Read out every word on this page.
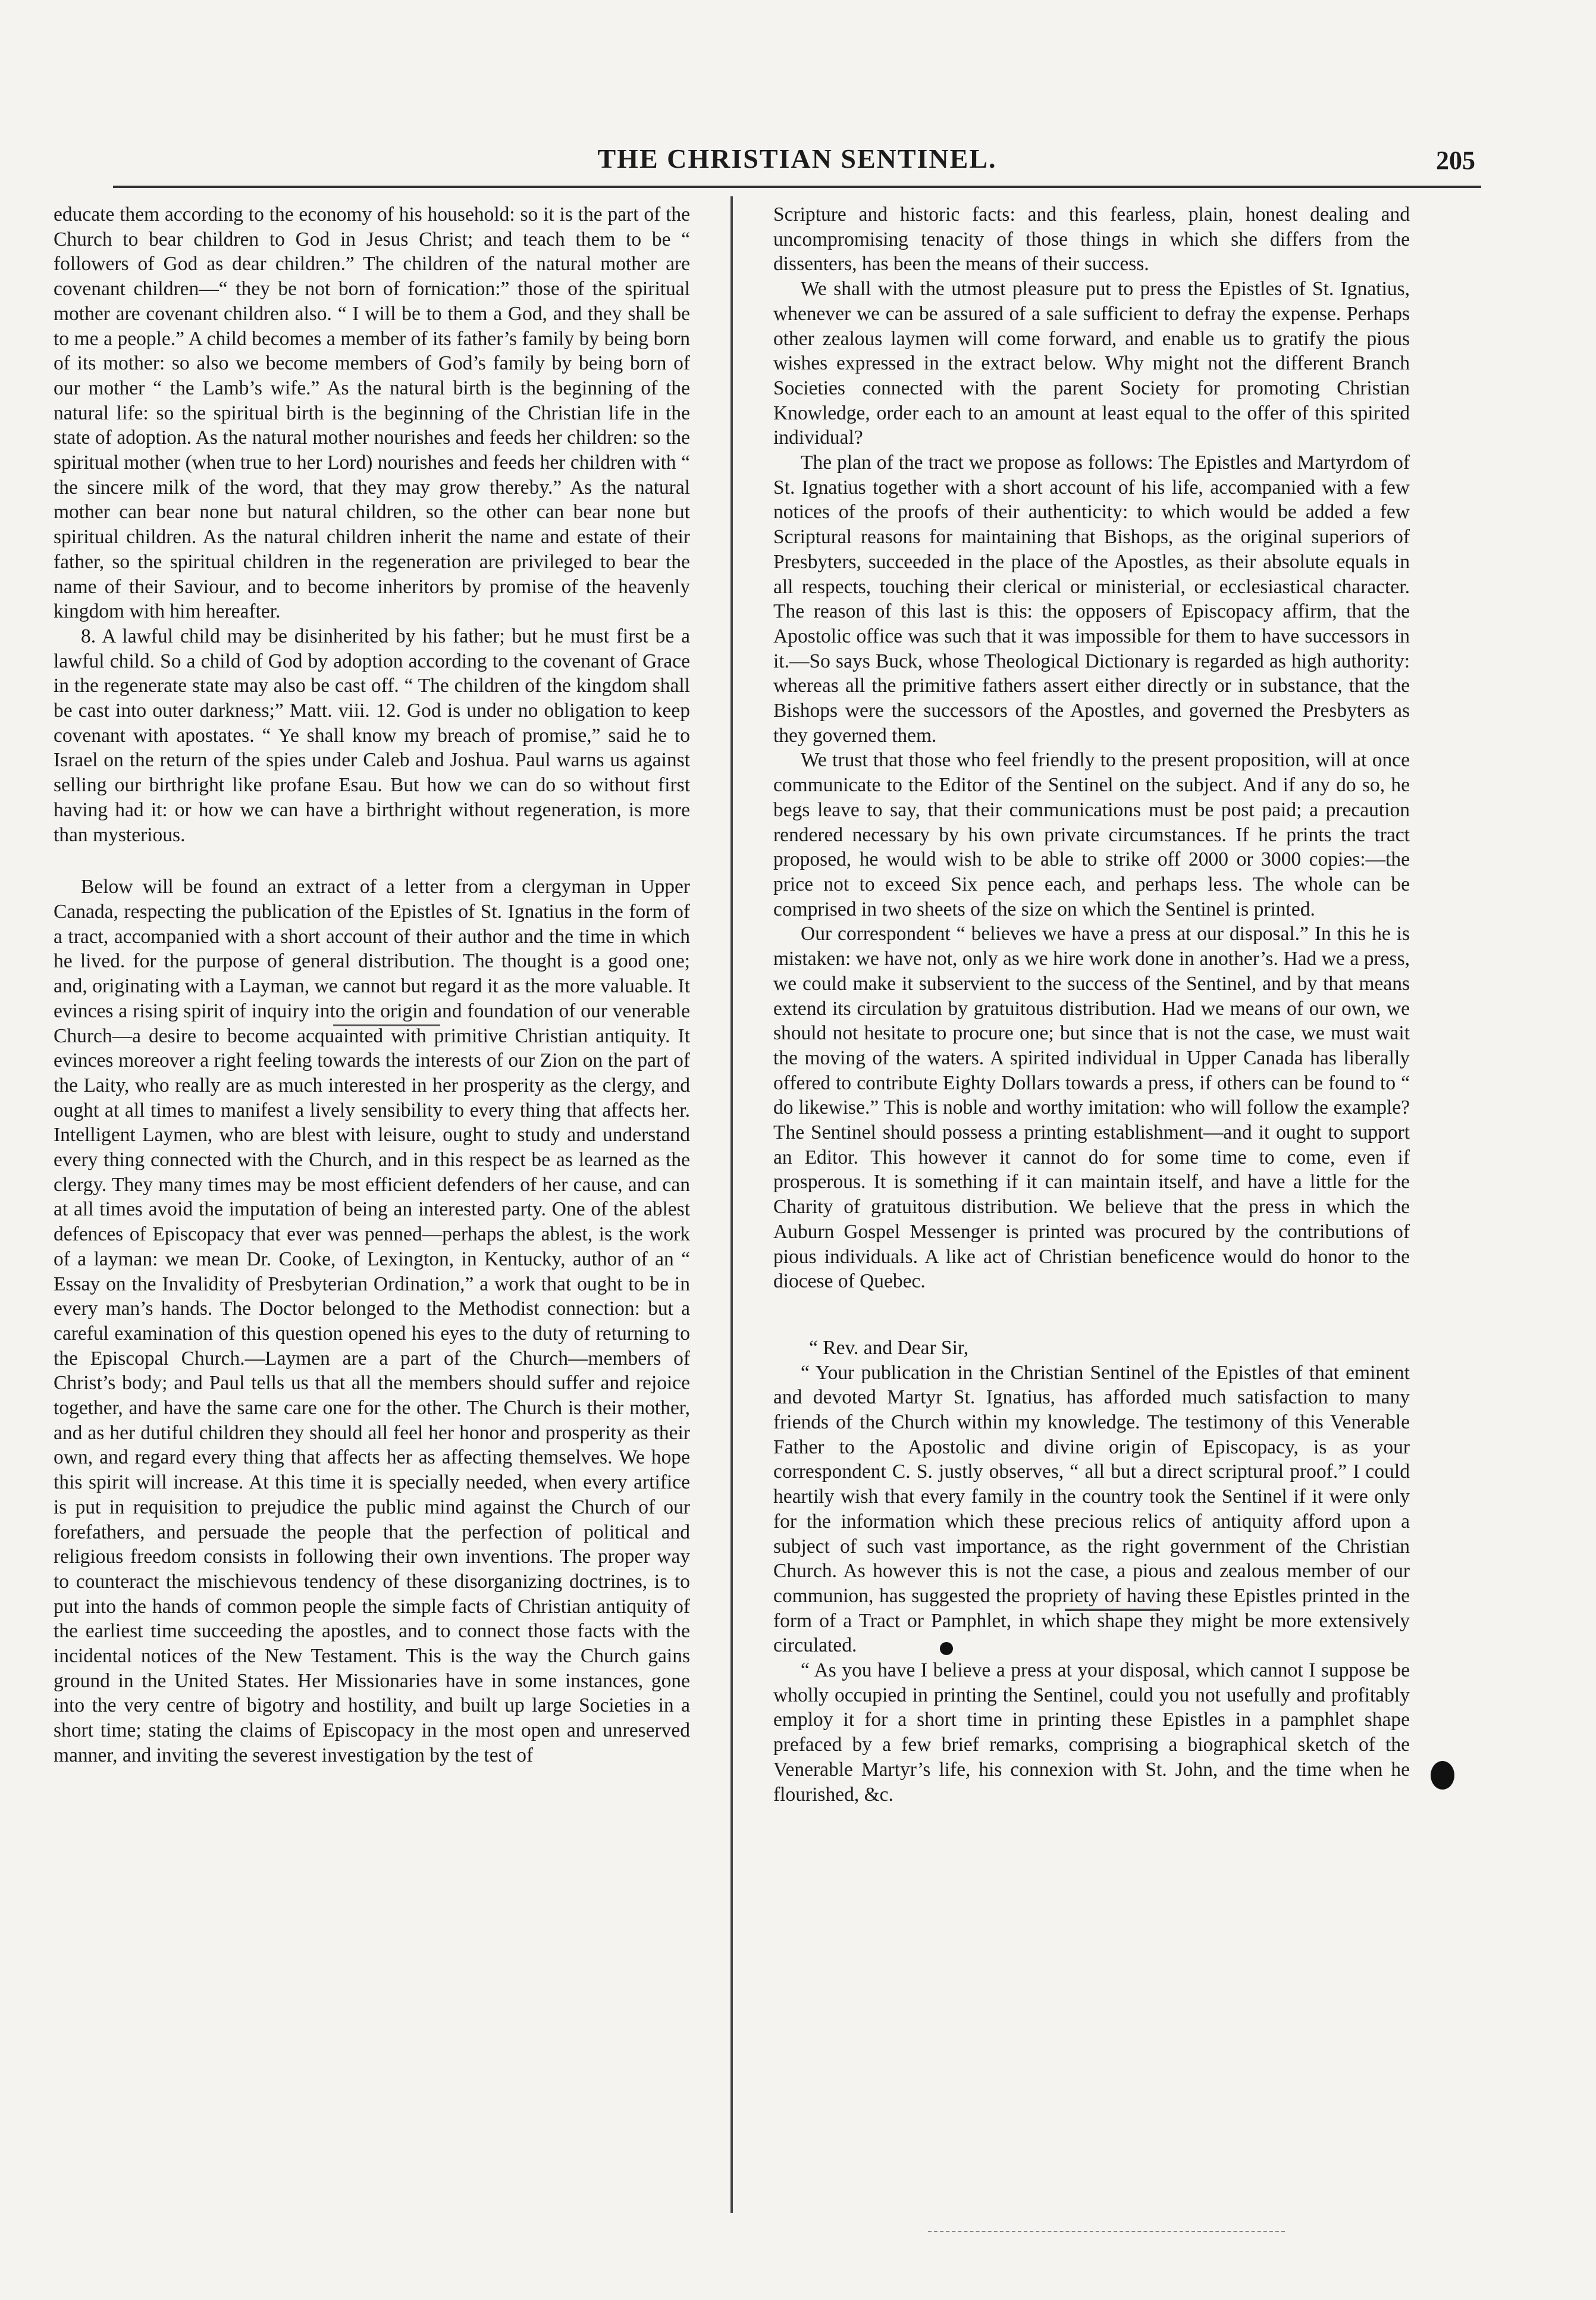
THE CHRISTIAN SENTINEL.	205

educate them according to the economy of his household: so it is the part of the Church to bear children to God in Jesus Christ; and teach them to be “ followers of God as dear children.” The children of the natural mother are covenant children—“ they be not born of fornication:” those of the spiritual mother are covenant children also. “ I will be to them a God, and they shall be to me a people.” A child becomes a member of its father’s family by being born of its mother: so also we become members of God’s family by being born of our mother “ the Lamb’s wife.” As the natural birth is the beginning of the natural life: so the spiritual birth is the beginning of the Christian life in the state of adoption. As the natural mother nourishes and feeds her children: so the spiritual mother (when true to her Lord) nourishes and feeds her children with “ the sincere milk of the word, that they may grow thereby.” As the natural mother can bear none but natural children, so the other can bear none but spiritual children. As the natural children inherit the name and estate of their father, so the spiritual children in the regeneration are privileged to bear the name of their Saviour, and to become inheritors by promise of the heavenly kingdom with him hereafter.

8. A lawful child may be disinherited by his father; but he must first be a lawful child. So a child of God by adoption according to the covenant of Grace in the regenerate state may also be cast off. “ The children of the kingdom shall be cast into outer darkness;” Matt. viii. 12. God is under no obligation to keep covenant with apostates. “ Ye shall know my breach of promise,” said he to Israel on the return of the spies under Caleb and Joshua. Paul warns us against selling our birthright like profane Esau. But how we can do so without first having had it: or how we can have a birthright without regeneration, is more than mysterious.

Below will be found an extract of a letter from a clergyman in Upper Canada, respecting the publication of the Epistles of St. Ignatius in the form of a tract, accompanied with a short account of their author and the time in which he lived. for the purpose of general distribution. The thought is a good one; and, originating with a Layman, we cannot but regard it as the more valuable. It evinces a rising spirit of inquiry into the origin and foundation of our venerable Church—a desire to become acquainted with primitive Christian antiquity. It evinces moreover a right feeling towards the interests of our Zion on the part of the Laity, who really are as much interested in her prosperity as the clergy, and ought at all times to manifest a lively sensibility to every thing that affects her. Intelligent Laymen, who are blest with leisure, ought to study and understand every thing connected with the Church, and in this respect be as learned as the clergy. They many times may be most efficient defenders of her cause, and can at all times avoid the imputation of being an interested party. One of the ablest defences of Episcopacy that ever was penned—perhaps the ablest, is the work of a layman: we mean Dr. Cooke, of Lexington, in Kentucky, author of an “ Essay on the Invalidity of Presbyterian Ordination,” a work that ought to be in every man’s hands. The Doctor belonged to the Methodist connection: but a careful examination of this question opened his eyes to the duty of returning to the Episcopal Church.—Laymen are a part of the Church—members of Christ’s body; and Paul tells us that all the members should suffer and rejoice together, and have the same care one for the other. The Church is their mother, and as her dutiful children they should all feel her honor and prosperity as their own, and regard every thing that affects her as affecting themselves. We hope this spirit will increase. At this time it is specially needed, when every artifice is put in requisition to prejudice the public mind against the Church of our forefathers, and persuade the people that the perfection of political and religious freedom consists in following their own inventions. The proper way to counteract the mischievous tendency of these disorganizing doctrines, is to put into the hands of common people the simple facts of Christian antiquity of the earliest time succeeding the apostles, and to connect those facts with the incidental notices of the New Testament. This is the way the Church gains ground in the United States. Her Missionaries have in some instances, gone into the very centre of bigotry and hostility, and built up large Societies in a short time; stating the claims of Episcopacy in the most open and unreserved manner, and inviting the severest investigation by the test of

Scripture and historic facts: and this fearless, plain, honest dealing and uncompromising tenacity of those things in which she differs from the dissenters, has been the means of their success.

We shall with the utmost pleasure put to press the Epistles of St. Ignatius, whenever we can be assured of a sale sufficient to defray the expense. Perhaps other zealous laymen will come forward, and enable us to gratify the pious wishes expressed in the extract below. Why might not the different Branch Societies connected with the parent Society for promoting Christian Knowledge, order each to an amount at least equal to the offer of this spirited individual?

The plan of the tract we propose as follows: The Epistles and Martyrdom of St. Ignatius together with a short account of his life, accompanied with a few notices of the proofs of their authenticity: to which would be added a few Scriptural reasons for maintaining that Bishops, as the original superiors of Presbyters, succeeded in the place of the Apostles, as their absolute equals in all respects, touching their clerical or ministerial, or ecclesiastical character. The reason of this last is this: the opposers of Episcopacy affirm, that the Apostolic office was such that it was impossible for them to have successors in it.—So says Buck, whose Theological Dictionary is regarded as high authority: whereas all the primitive fathers assert either directly or in substance, that the Bishops were the successors of the Apostles, and governed the Presbyters as they governed them.

We trust that those who feel friendly to the present proposition, will at once communicate to the Editor of the Sentinel on the subject. And if any do so, he begs leave to say, that their communications must be post paid; a precaution rendered necessary by his own private circumstances. If he prints the tract proposed, he would wish to be able to strike off 2000 or 3000 copies:—the price not to exceed Six pence each, and perhaps less. The whole can be comprised in two sheets of the size on which the Sentinel is printed.

Our correspondent “ believes we have a press at our disposal.” In this he is mistaken: we have not, only as we hire work done in another’s. Had we a press, we could make it subservient to the success of the Sentinel, and by that means extend its circulation by gratuitous distribution. Had we means of our own, we should not hesitate to procure one; but since that is not the case, we must wait the moving of the waters. A spirited individual in Upper Canada has liberally offered to contribute Eighty Dollars towards a press, if others can be found to “ do likewise.” This is noble and worthy imitation: who will follow the example? The Sentinel should possess a printing establishment—and it ought to support an Editor. This however it cannot do for some time to come, even if prosperous. It is something if it can maintain itself, and have a little for the Charity of gratuitous distribution. We believe that the press in which the Auburn Gospel Messenger is printed was procured by the contributions of pious individuals. A like act of Christian beneficence would do honor to the diocese of Quebec.

“ Rev. and Dear Sir,

“ Your publication in the Christian Sentinel of the Epistles of that eminent and devoted Martyr St. Ignatius, has afforded much satisfaction to many friends of the Church within my knowledge. The testimony of this Venerable Father to the Apostolic and divine origin of Episcopacy, is as your correspondent C. S. justly observes, “ all but a direct scriptural proof.” I could heartily wish that every family in the country took the Sentinel if it were only for the information which these precious relics of antiquity afford upon a subject of such vast importance, as the right government of the Christian Church. As however this is not the case, a pious and zealous member of our communion, has suggested the propriety of having these Epistles printed in the form of a Tract or Pamphlet, in which shape they might be more extensively circulated.

“ As you have I believe a press at your disposal, which cannot I suppose be wholly occupied in printing the Sentinel, could you not usefully and profitably employ it for a short time in printing these Epistles in a pamphlet shape prefaced by a few brief remarks, comprising a biographical sketch of the Venerable Martyr’s life, his connexion with St. John, and the time when he flourished, &c.
